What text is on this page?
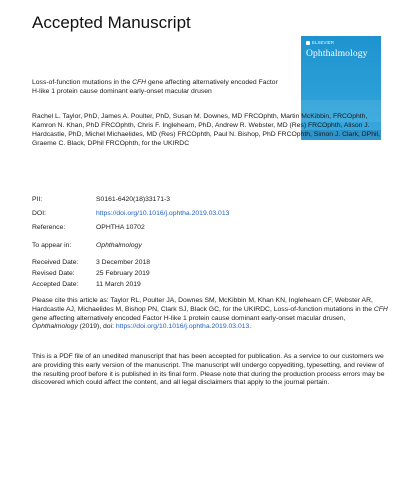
Accepted Manuscript
ELSEVIER
Ophthalmology
Loss-of-function mutations in the CFH gene affecting alternatively encoded Factor H-like 1 protein cause dominant early-onset macular drusen
Rachel L. Taylor, PhD, James A. Poulter, PhD, Susan M. Downes, MD FRCOphth, Martin McKibbin, FRCOphth, Kamron N. Khan, PhD FRCOphth, Chris F. Inglehearn, PhD, Andrew R. Webster, MD (Res) FRCOphth, Alison J. Hardcastle, PhD, Michel Michaelides, MD (Res) FRCOphth, Paul N. Bishop, PhD FRCOphth, Simon J. Clark, DPhil, Graeme C. Black, DPhil FRCOphth, for the UKIRDC
PII:	S0161-6420(18)33171-3
DOI:	https://doi.org/10.1016/j.ophtha.2019.03.013
Reference:	OPHTHA 10702
To appear in:	Ophthalmology
Received Date:	3 December 2018
Revised Date:	25 February 2019
Accepted Date:	11 March 2019
Please cite this article as: Taylor RL, Poulter JA, Downes SM, McKibbin M, Khan KN, Inglehearn CF, Webster AR, Hardcastle AJ, Michaelides M, Bishop PN, Clark SJ, Black GC, for the UKIRDC, Loss-of-function mutations in the CFH gene affecting alternatively encoded Factor H-like 1 protein cause dominant early-onset macular drusen, Ophthalmology (2019), doi: https://doi.org/10.1016/j.ophtha.2019.03.013.
This is a PDF file of an unedited manuscript that has been accepted for publication. As a service to our customers we are providing this early version of the manuscript. The manuscript will undergo copyediting, typesetting, and review of the resulting proof before it is published in its final form. Please note that during the production process errors may be discovered which could affect the content, and all legal disclaimers that apply to the journal pertain.
